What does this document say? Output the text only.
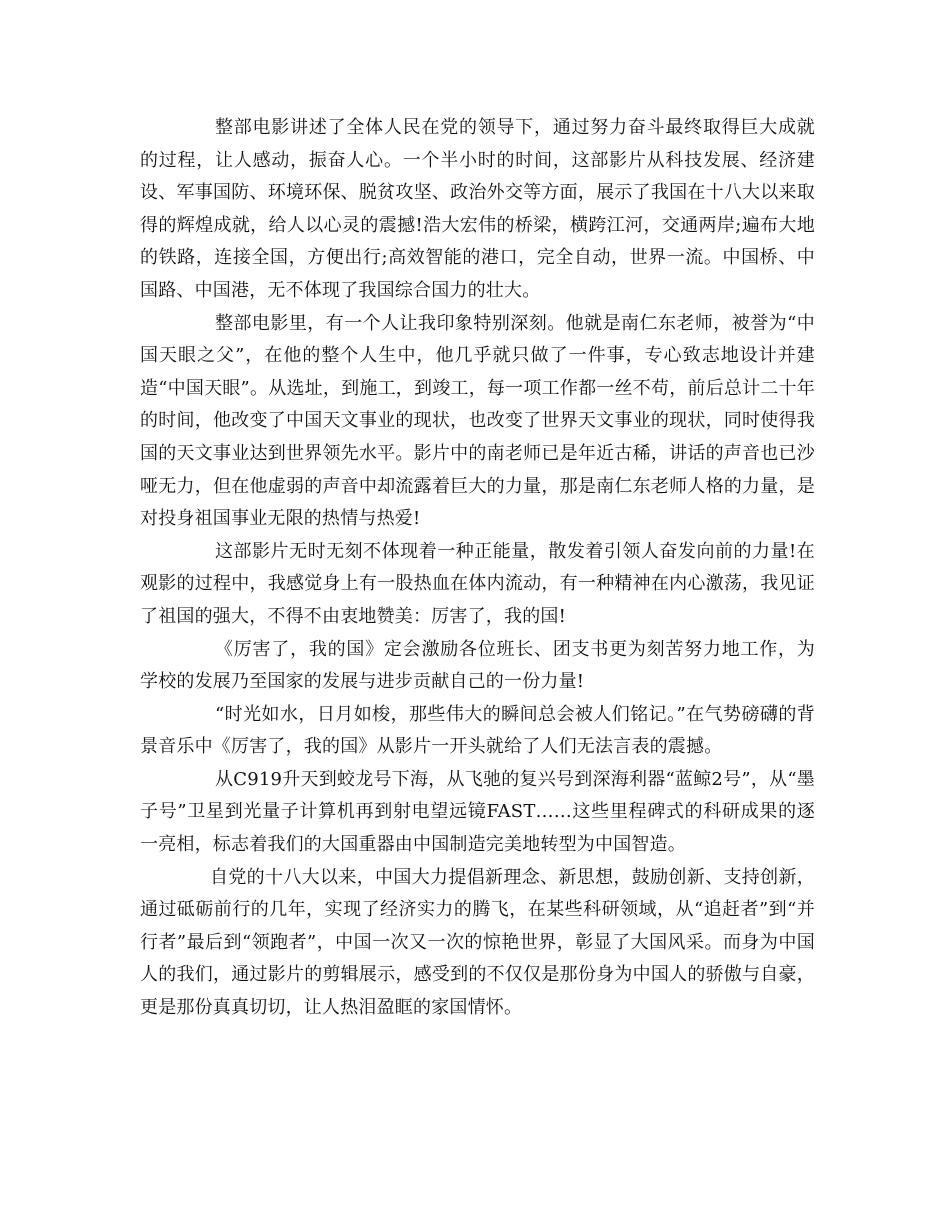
整部电影讲述了全体人民在党的领导下，通过努力奋斗最终取得巨大成就的过程，让人感动，振奋人心。一个半小时的时间，这部影片从科技发展、经济建设、军事国防、环境环保、脱贫攻坚、政治外交等方面，展示了我国在十八大以来取得的辉煌成就，给人以心灵的震撼!浩大宏伟的桥梁，横跨江河，交通两岸;遍布大地的铁路，连接全国，方便出行;高效智能的港口，完全自动，世界一流。中国桥、中国路、中国港，无不体现了我国综合国力的壮大。

整部电影里，有一个人让我印象特别深刻。他就是南仁东老师，被誉为“中国天眼之父”，在他的整个人生中，他几乎就只做了一件事，专心致志地设计并建造“中国天眼”。从选址，到施工，到竣工，每一项工作都一丝不苟，前后总计二十年的时间，他改变了中国天文事业的现状，也改变了世界天文事业的现状，同时使得我国的天文事业达到世界领先水平。影片中的南老师已是年近古稀，讲话的声音也已沙哑无力，但在他虚弱的声音中却流露着巨大的力量，那是南仁东老师人格的力量，是对投身祖国事业无限的热情与热爱!

这部影片无时无刻不体现着一种正能量，散发着引领人奋发向前的力量!在观影的过程中，我感觉身上有一股热血在体内流动，有一种精神在内心激荡，我见证了祖国的强大，不得不由衷地赞美：厉害了，我的国!

《厉害了，我的国》定会激励各位班长、团支书更为刻苦努力地工作，为学校的发展乃至国家的发展与进步贡献自己的一份力量!

“时光如水，日月如梭，那些伟大的瞬间总会被人们铭记。”在气势磅礴的背景音乐中《厉害了，我的国》从影片一开头就给了人们无法言表的震撼。

从C919升天到蛟龙号下海，从飞驰的复兴号到深海利器“蓝鲸2号”，从“墨子号”卫星到光量子计算机再到射电望远镜FAST……这些里程碑式的科研成果的逐一亮相，标志着我们的大国重器由中国制造完美地转型为中国智造。

自党的十八大以来，中国大力提倡新理念、新思想，鼓励创新、支持创新，通过砥砺前行的几年，实现了经济实力的腾飞，在某些科研领域，从“追赶者”到“并行者”最后到“领跑者”，中国一次又一次的惊艳世界，彰显了大国风采。而身为中国人的我们，通过影片的剪辑展示，感受到的不仅仅是那份身为中国人的骄傲与自豪，更是那份真真切切，让人热泪盈眶的家国情怀。
